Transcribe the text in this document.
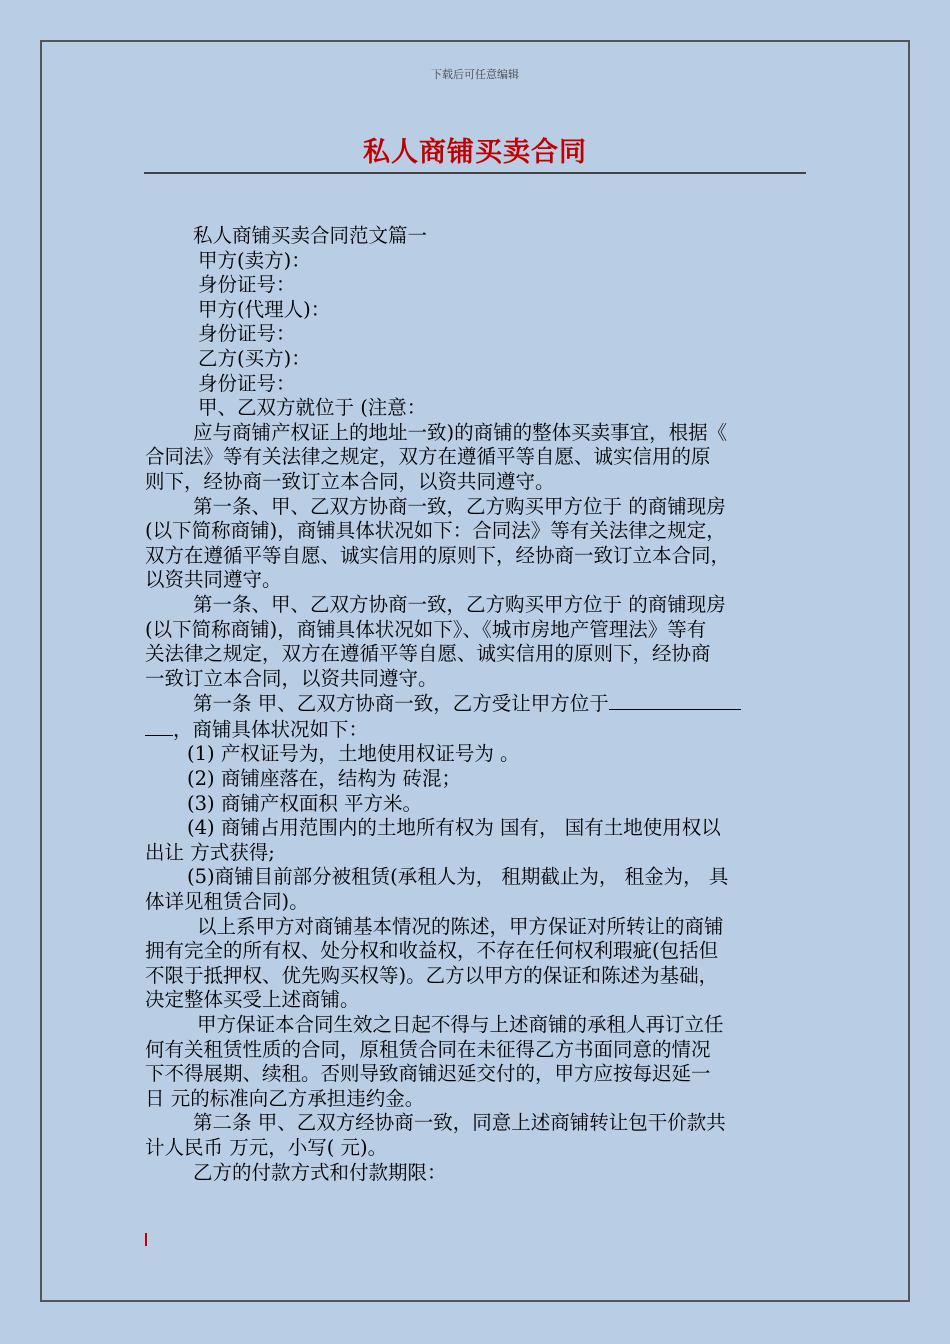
下载后可任意编辑
私人商铺买卖合同

私人商铺买卖合同范文篇一

甲方(卖方)：

身份证号：

甲方(代理人)：

身份证号：

乙方(买方)：

身份证号：

甲、乙双方就位于 (注意：

应与商铺产权证上的地址一致)的商铺的整体买卖事宜，根据《

合同法》等有关法律之规定，双方在遵循平等自愿、诚实信用的原

则下，经协商一致订立本合同，以资共同遵守。

第一条、甲、乙双方协商一致，乙方购买甲方位于 的商铺现房

(以下简称商铺)，商铺具体状况如下：合同法》等有关法律之规定，

双方在遵循平等自愿、诚实信用的原则下，经协商一致订立本合同，

以资共同遵守。

第一条、甲、乙双方协商一致，乙方购买甲方位于 的商铺现房

(以下简称商铺)，商铺具体状况如下》、《城市房地产管理法》等有

关法律之规定，双方在遵循平等自愿、诚实信用的原则下，经协商

一致订立本合同，以资共同遵守。

第一条 甲、乙双方协商一致，乙方受让甲方位于

，商铺具体状况如下：

(1) 产权证号为，土地使用权证号为 。

(2) 商铺座落在，结构为 砖混；

(3) 商铺产权面积 平方米。

(4) 商铺占用范围内的土地所有权为 国有， 国有土地使用权以

出让 方式获得;

(5)商铺目前部分被租赁(承租人为， 租期截止为， 租金为， 具

体详见租赁合同)。

以上系甲方对商铺基本情况的陈述，甲方保证对所转让的商铺

拥有完全的所有权、处分权和收益权，不存在任何权利瑕疵(包括但

不限于抵押权、优先购买权等)。乙方以甲方的保证和陈述为基础，

决定整体买受上述商铺。

甲方保证本合同生效之日起不得与上述商铺的承租人再订立任

何有关租赁性质的合同，原租赁合同在未征得乙方书面同意的情况

下不得展期、续租。否则导致商铺迟延交付的，甲方应按每迟延一

日 元的标准向乙方承担违约金。

第二条 甲、乙双方经协商一致，同意上述商铺转让包干价款共

计人民币 万元，小写( 元)。

乙方的付款方式和付款期限：
